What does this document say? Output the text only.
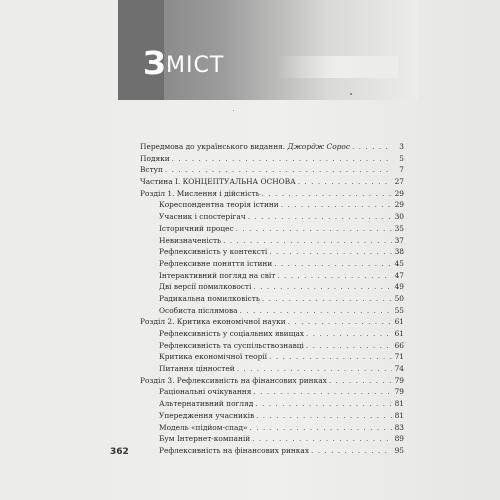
З МІСТ
Передмова до українського видання. Джордж Сорос . . .	3
Подяки . . .	5
Вступ . . .	7
Частина І. КОНЦЕПТУАЛЬНА ОСНОВА . . .	27
Розділ 1. Мислення і дійсність . . .	29
Кореспондентна теорія істини . . .	29
Учасник і спостерігач . . .	30
Історичний процес . . .	35
Невизначеність . . .	37
Рефлексивність у контексті . . .	38
Рефлексивне поняття істини . . .	45
Інтерактивний погляд на світ . . .	47
Дві версії помилковості . . .	49
Радикальна помилковість . . .	50
Особиста післямова . . .	55
Розділ 2. Критика економічної науки . . .	61
Рефлексивність у соціальних явищах . . .	61
Рефлексивність та суспільствознавці . . .	66
Критика економічної теорії . . .	71
Питання цінностей . . .	74
Розділ 3. Рефлексивність на фінансових ринках . . .	79
Раціональні очікування . . .	79
Альтернативний погляд . . .	81
Упередження учасників . . .	81
Модель «підйом-спад» . . .	83
Бум Інтернет-компаній . . .	89
Рефлексивність на фінансових ринках . . .	95
362
